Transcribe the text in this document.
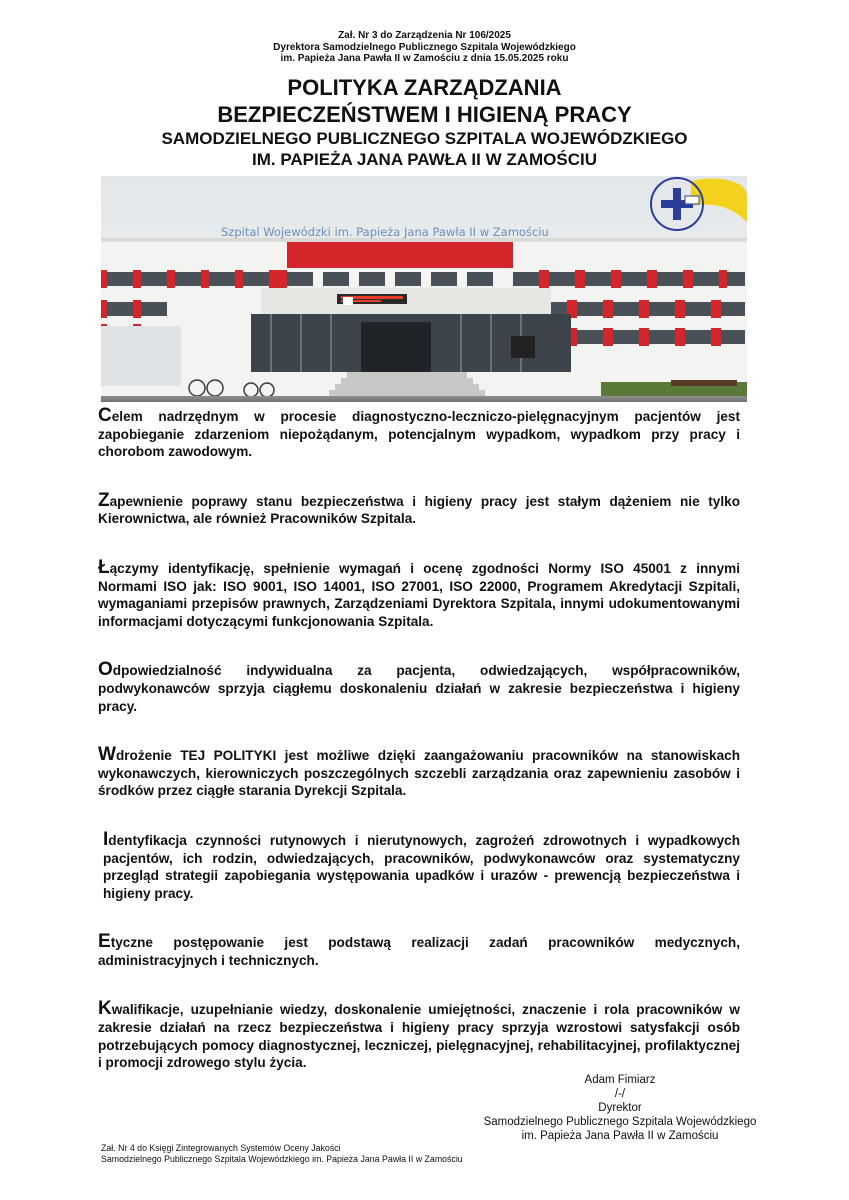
Zał. Nr 3 do Zarządzenia Nr 106/2025
Dyrektora Samodzielnego Publicznego Szpitala Wojewódzkiego
im. Papieża Jana Pawła II w Zamościu z dnia 15.05.2025 roku
POLITYKA ZARZĄDZANIA
BEZPIECZEŃSTWEM I HIGIENĄ PRACY
SAMODZIELNEGO PUBLICZNEGO SZPITALA WOJEWÓDZKIEGO
IM. PAPIEŻA JANA PAWŁA II W ZAMOŚCIU
Szpital Wojewódzki im. Papieża Jana Pawła II w Zamościu

Celem nadrzędnym w procesie diagnostyczno-leczniczo-pielęgnacyjnym pacjentów jest zapobieganie zdarzeniom niepożądanym, potencjalnym wypadkom, wypadkom przy pracy i chorobom zawodowym.

Zapewnienie poprawy stanu bezpieczeństwa i higieny pracy jest stałym dążeniem nie tylko Kierownictwa, ale również Pracowników Szpitala.

Łączymy identyfikację, spełnienie wymagań i ocenę zgodności Normy ISO 45001 z innymi Normami ISO jak: ISO 9001, ISO 14001, ISO 27001, ISO 22000, Programem Akredytacji Szpitali, wymaganiami przepisów prawnych, Zarządzeniami Dyrektora Szpitala, innymi udokumentowanymi informacjami dotyczącymi funkcjonowania Szpitala.

Odpowiedzialność indywidualna za pacjenta, odwiedzających, współpracowników, podwykonawców sprzyja ciągłemu doskonaleniu działań w zakresie bezpieczeństwa i higieny pracy.

Wdrożenie TEJ POLITYKI jest możliwe dzięki zaangażowaniu pracowników na stanowiskach wykonawczych, kierowniczych poszczególnych szczebli zarządzania oraz zapewnieniu zasobów i środków przez ciągłe starania Dyrekcji Szpitala.

Identyfikacja czynności rutynowych i nierutynowych, zagrożeń zdrowotnych i wypadkowych pacjentów, ich rodzin, odwiedzających, pracowników, podwykonawców oraz systematyczny przegląd strategii zapobiegania występowania upadków i urazów - prewencją bezpieczeństwa i higieny pracy.

Etyczne postępowanie jest podstawą realizacji zadań pracowników medycznych, administracyjnych i technicznych.

Kwalifikacje, uzupełnianie wiedzy, doskonalenie umiejętności, znaczenie i rola pracowników w zakresie działań na rzecz bezpieczeństwa i higieny pracy sprzyja wzrostowi satysfakcji osób potrzebujących pomocy diagnostycznej, leczniczej, pielęgnacyjnej, rehabilitacyjnej, profilaktycznej i promocji zdrowego stylu życia.

Adam Fimiarz
/-/
Dyrektor
Samodzielnego Publicznego Szpitala Wojewódzkiego
im. Papieża Jana Pawła II w Zamościu
Zał. Nr 4 do Księgi Zintegrowanych Systemów Oceny Jakości
Samodzielnego Publicznego Szpitala Wojewódzkiego im. Papieża Jana Pawła II w Zamościu
